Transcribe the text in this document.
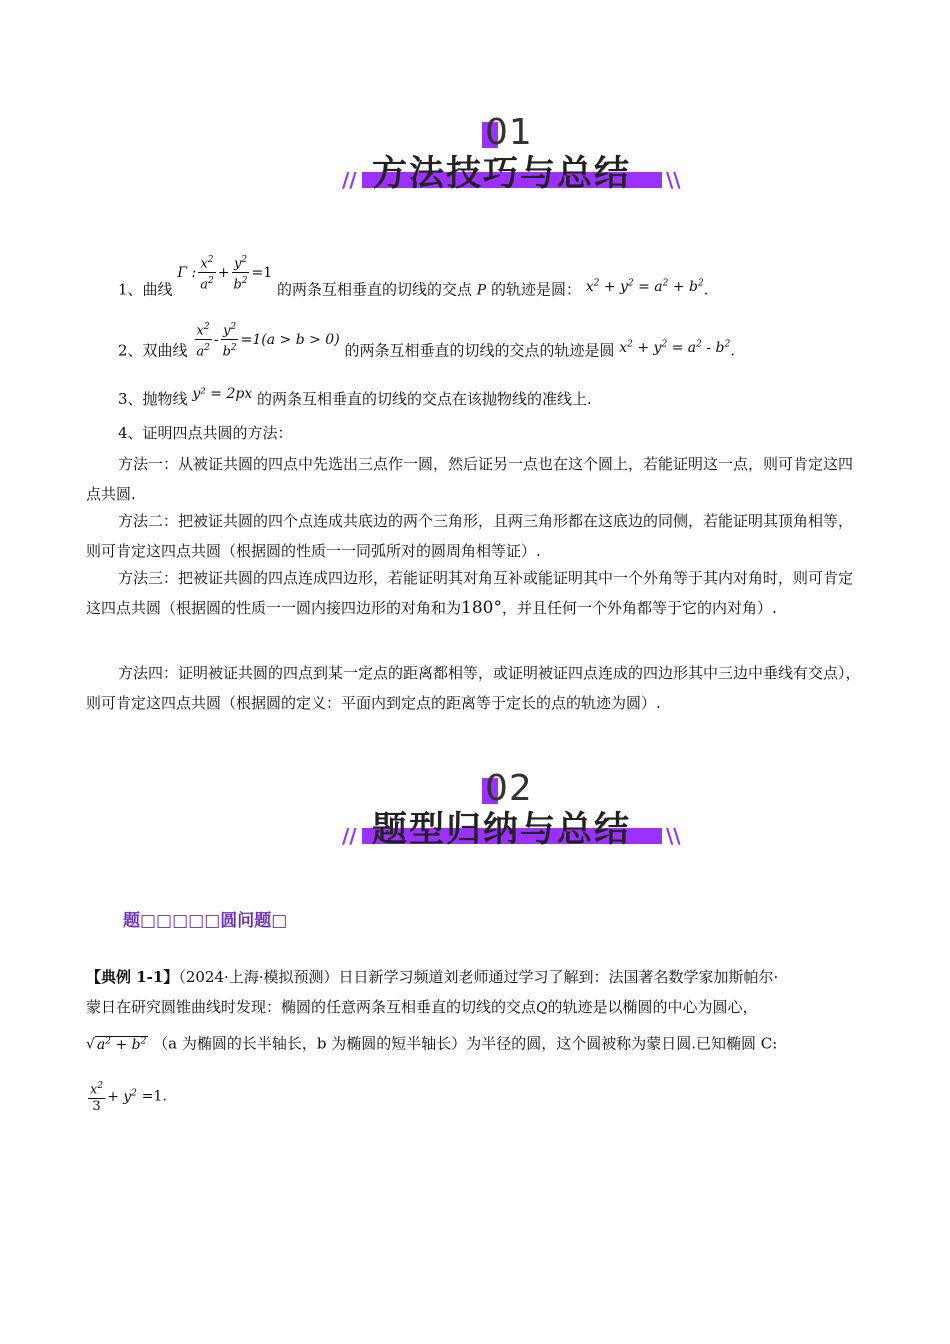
01
方法技巧与总结
//	\\
1、曲线 Γ : $\frac{x^2}{a^2} + \frac{y^2}{b^2} =1$ 的两条互相垂直的切线的交点 P 的轨迹是圆： $x^2 + y^2 = a^2 + b^2$.
2、双曲线 $\frac{x^2}{a^2} - \frac{y^2}{b^2} =1(a > b > 0)$ 的两条互相垂直的切线的交点的轨迹是圆 $x^2 + y^2 = a^2 - b^2$.
3、抛物线 y² = 2px 的两条互相垂直的切线的交点在该抛物线的准线上.
4、证明四点共圆的方法：
方法一：从被证共圆的四点中先选出三点作一圆，然后证另一点也在这个圆上，若能证明这一点，则可肯定这四点共圆.
方法二：把被证共圆的四个点连成共底边的两个三角形，且两三角形都在这底边的同侧，若能证明其顶角相等，则可肯定这四点共圆（根据圆的性质一一同弧所对的圆周角相等证）.
方法三：把被证共圆的四点连成四边形，若能证明其对角互补或能证明其中一个外角等于其内对角时，则可肯定这四点共圆（根据圆的性质一一圆内接四边形的对角和为180°，并且任何一个外角都等于它的内对角）.
方法四：证明被证共圆的四点到某一定点的距离都相等，或证明被证四点连成的四边形其中三边中垂线有交点），则可肯定这四点共圆（根据圆的定义：平面内到定点的距离等于定长的点的轨迹为圆）.
02
题型归纳与总结
//	\\
题□□□□□圆问题□
【典例 1-1】（2024·上海·模拟预测）日日新学习频道刘老师通过学习了解到：法国著名数学家加斯帕尔·
蒙日在研究圆锥曲线时发现：椭圆的任意两条互相垂直的切线的交点Q的轨迹是以椭圆的中心为圆心，
√ $a^2 + b^2$ （a 为椭圆的长半轴长，b 为椭圆的短半轴长）为半径的圆，这个圆被称为蒙日圆.已知椭圆 C:
$\frac{x^2}{3} + y^2 =1$.
